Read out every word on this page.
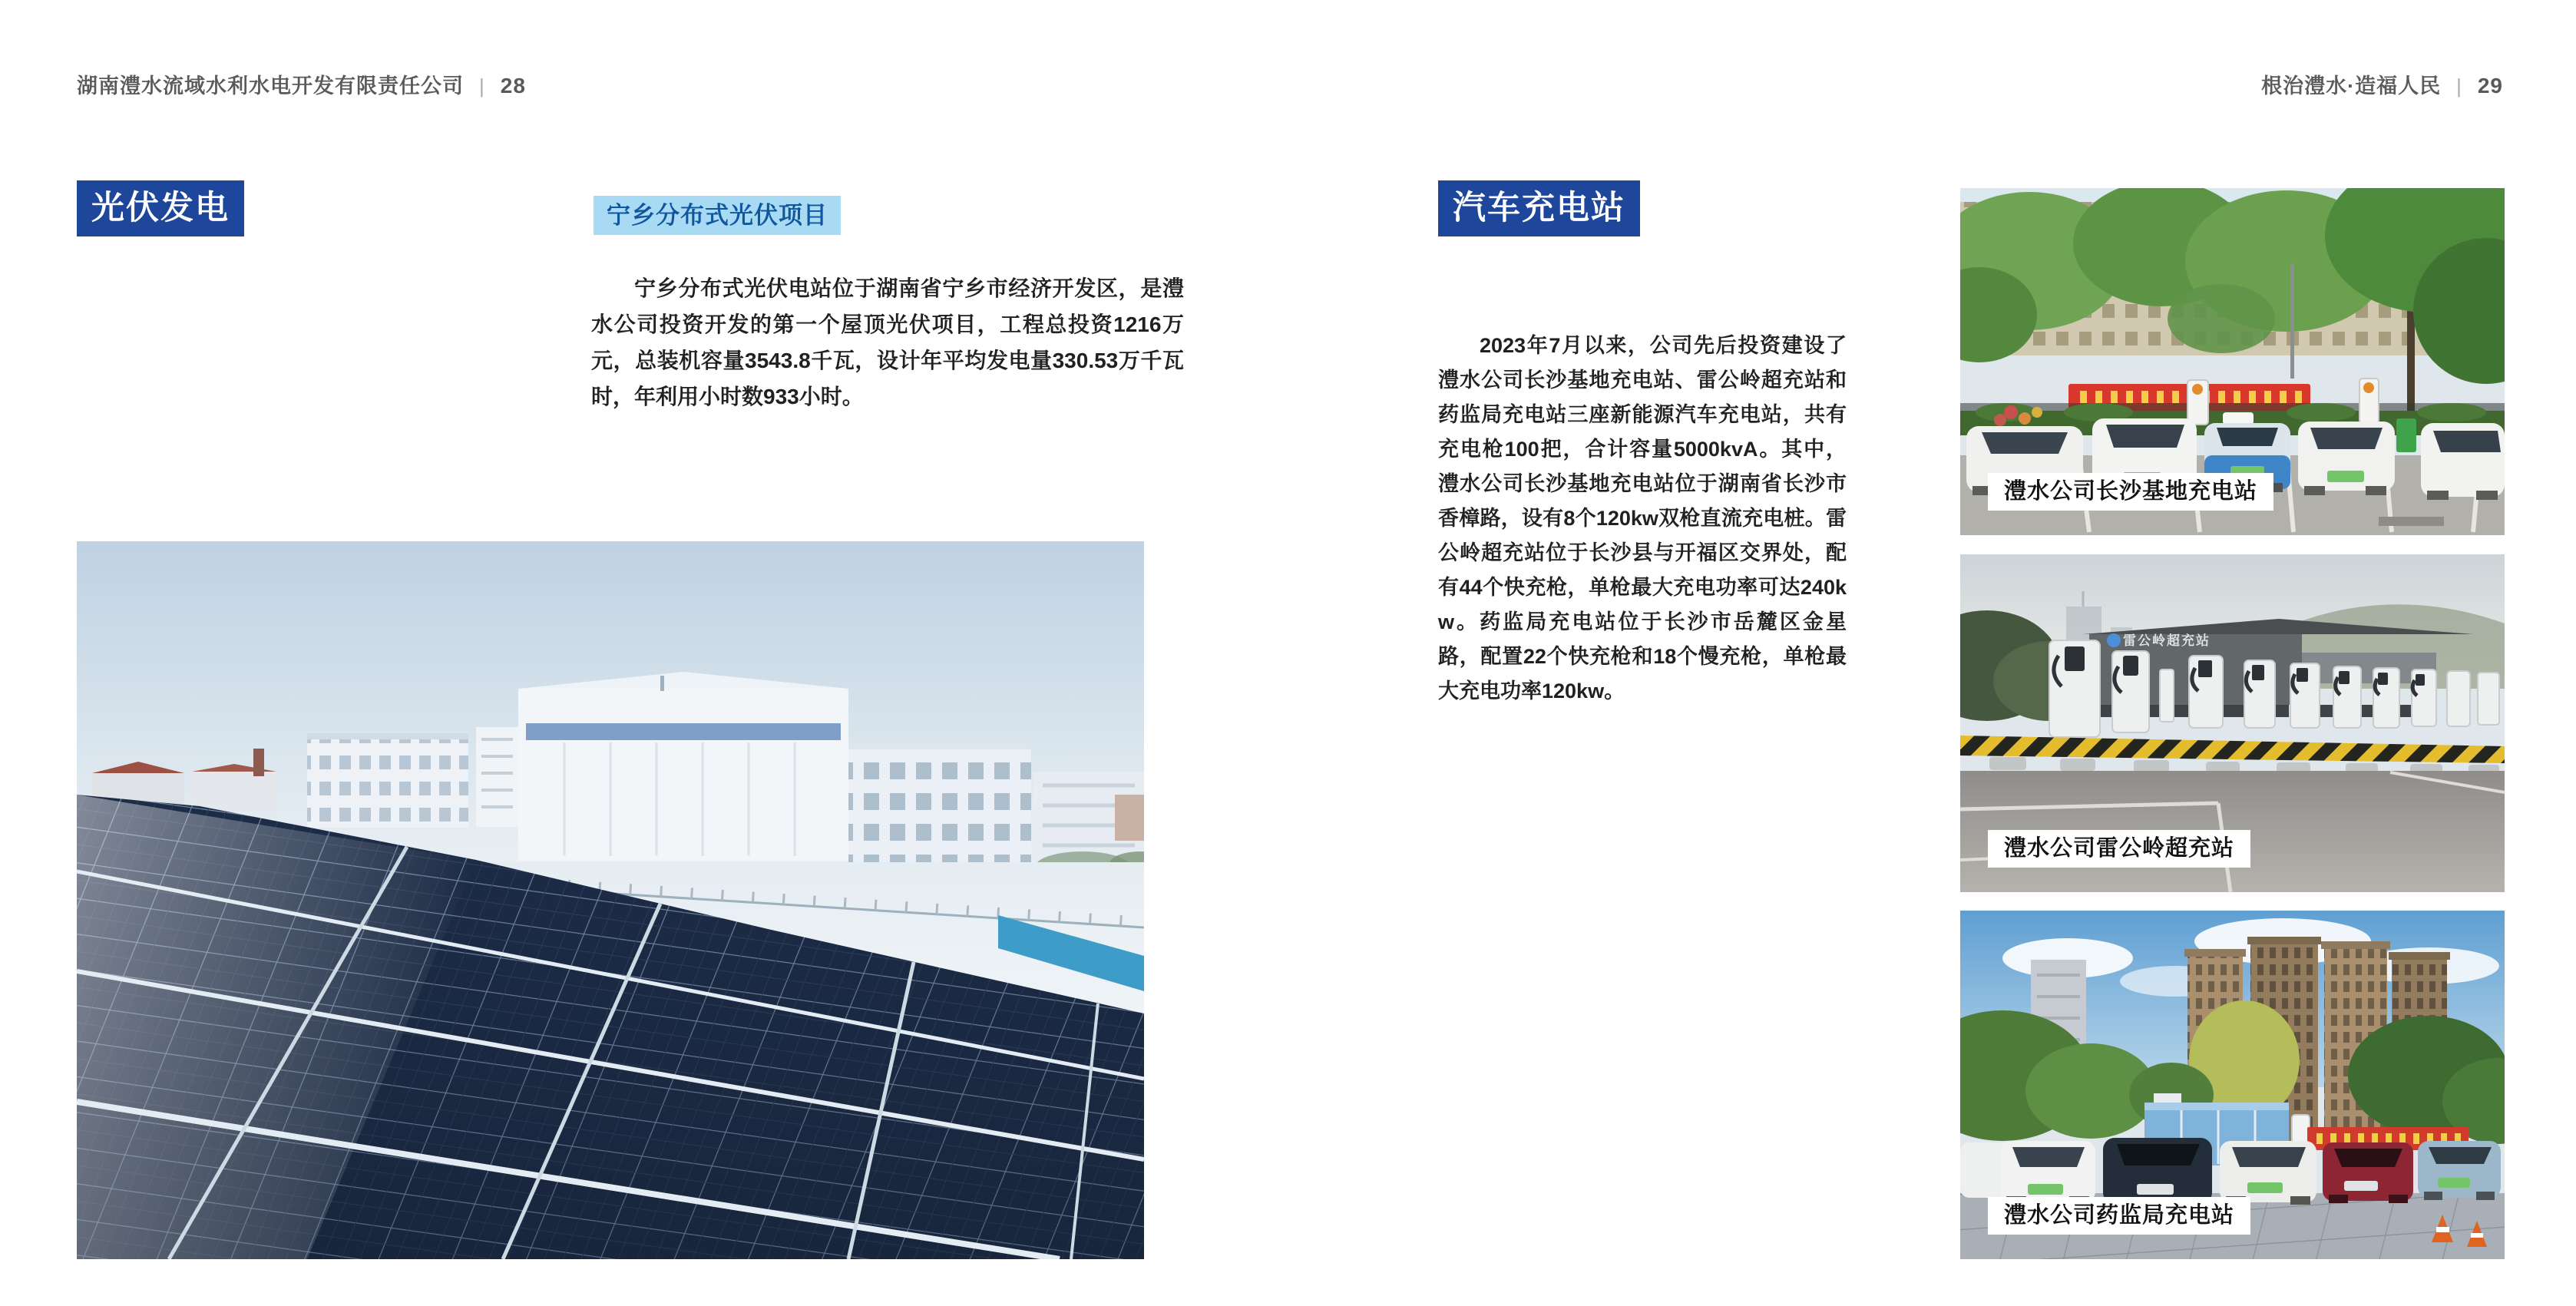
湖南澧水流域水利水电开发有限责任公司 | 28	根治澧水·造福人民 | 29
光伏发电	宁乡分布式光伏项目
宁乡分布式光伏电站位于湖南省宁乡市经济开发区，是澧水公司投资开发的第一个屋顶光伏项目，工程总投资1216万元，总装机容量3543.8千瓦，设计年平均发电量330.53万千瓦时，年利用小时数933小时。
汽车充电站
2023年7月以来，公司先后投资建设了澧水公司长沙基地充电站、雷公岭超充站和药监局充电站三座新能源汽车充电站，共有充电枪100把，合计容量5000kvA。其中，澧水公司长沙基地充电站位于湖南省长沙市香樟路，设有8个120kw双枪直流充电桩。雷公岭超充站位于长沙县与开福区交界处，配有44个快充枪，单枪最大充电功率可达240kw。药监局充电站位于长沙市岳麓区金星路，配置22个快充枪和18个慢充枪，单枪最大充电功率120kw。
澧水公司长沙基地充电站
雷公岭超充站
澧水公司雷公岭超充站
澧水公司药监局充电站
